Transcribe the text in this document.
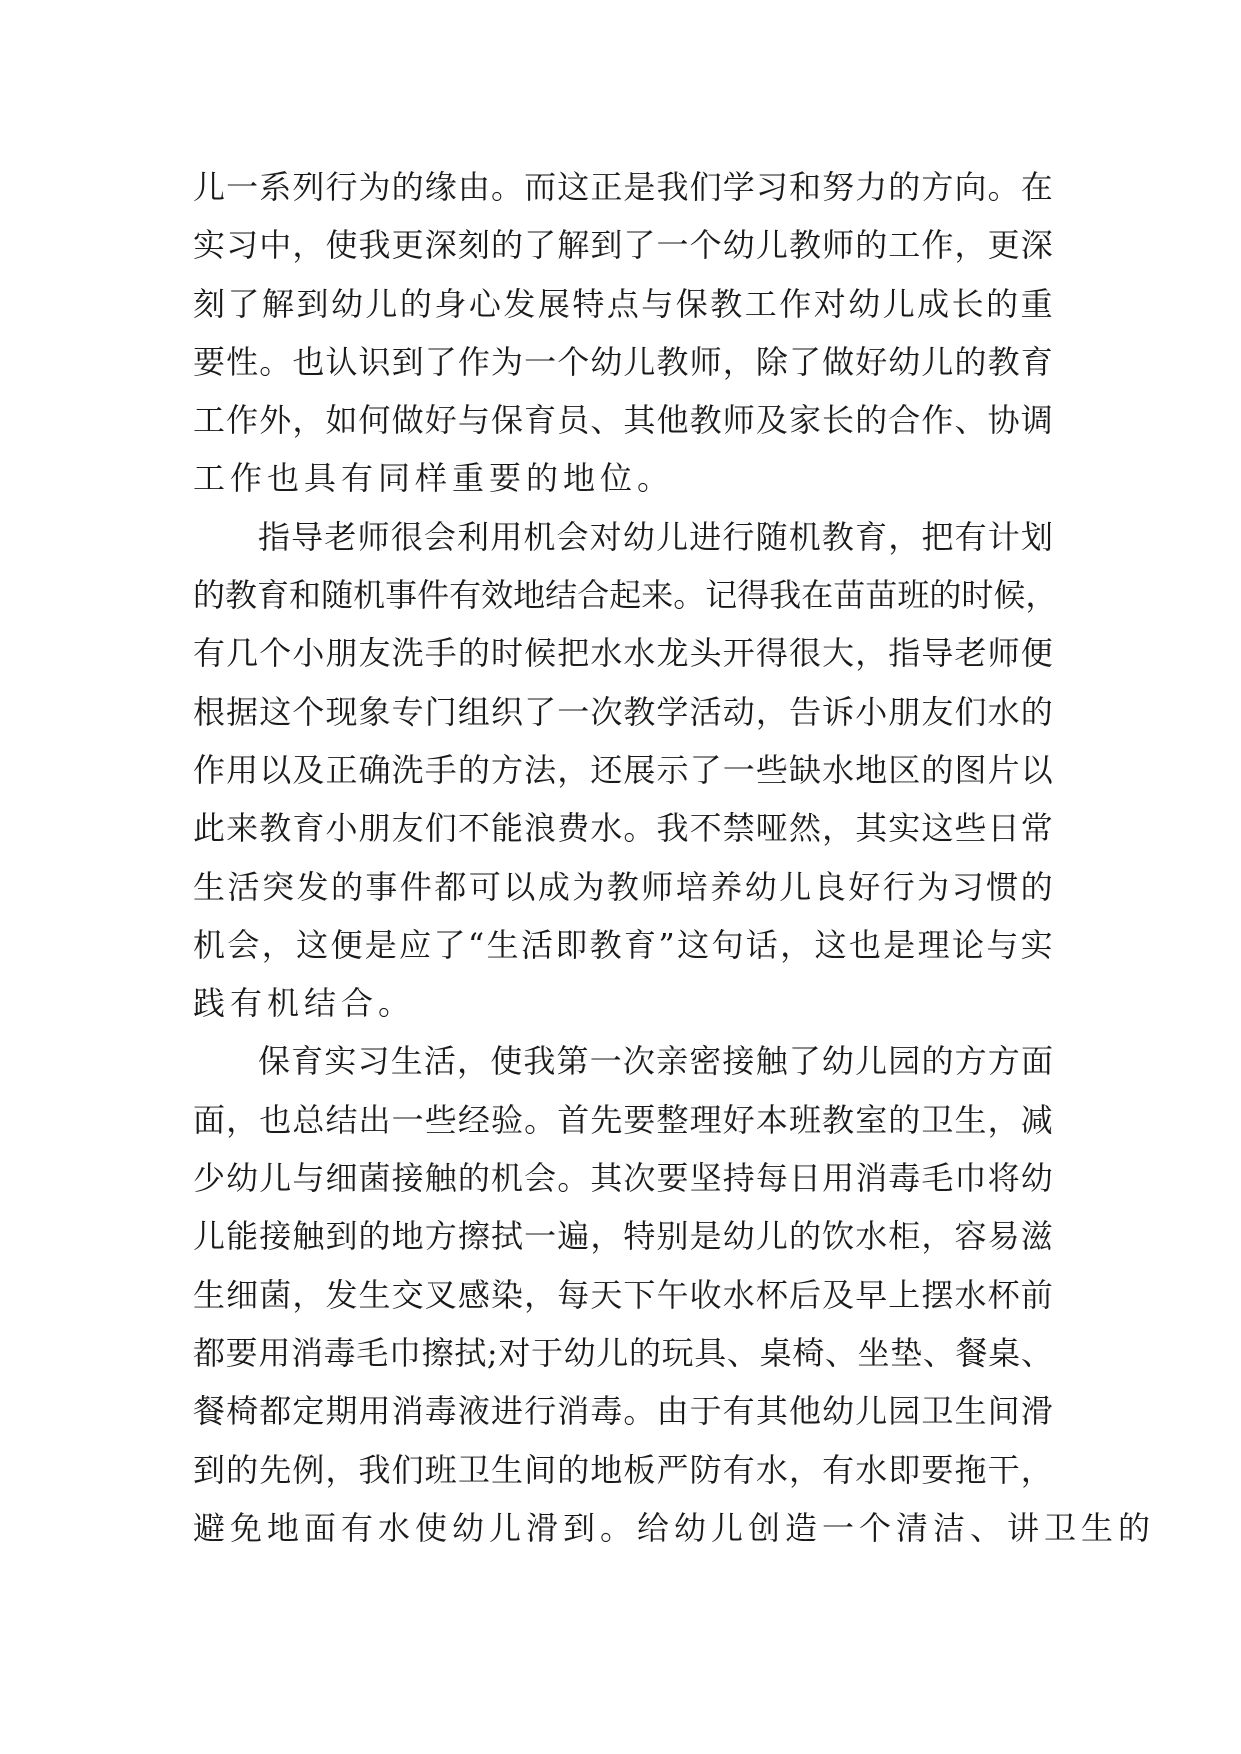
儿 一 系 列 行 为 的 缘 由 。 而 这 正 是 我 们 学 习 和 努 力 的 方 向 。 在
实 习 中 ， 使 我 更 深 刻 的 了 解 到 了 一 个 幼 儿 教 师 的 工 作 ， 更 深
刻 了 解 到 幼 儿 的 身 心 发 展 特 点 与 保 教 工 作 对 幼 儿 成 长 的 重
要 性 。 也 认 识 到 了 作 为 一 个 幼 儿 教 师 ， 除 了 做 好 幼 儿 的 教 育
工 作 外 ， 如 何 做 好 与 保 育 员 、 其 他 教 师 及 家 长 的 合 作 、 协 调
工作也具有同样重要的地位。
指 导 老 师 很 会 利 用 机 会 对 幼 儿 进 行 随 机 教 育 ， 把 有 计 划
的 教 育 和 随 机 事 件 有 效 地 结 合 起 来 。 记 得 我 在 苗 苗 班 的 时 候 ，
有 几 个 小 朋 友 洗 手 的 时 候 把 水 水 龙 头 开 得 很 大 ， 指 导 老 师 便
根 据 这 个 现 象 专 门 组 织 了 一 次 教 学 活 动 ， 告 诉 小 朋 友 们 水 的
作 用 以 及 正 确 洗 手 的 方 法 ， 还 展 示 了 一 些 缺 水 地 区 的 图 片 以
此 来 教 育 小 朋 友 们 不 能 浪 费 水 。 我 不 禁 哑 然 ， 其 实 这 些 日 常
生 活 突 发 的 事 件 都 可 以 成 为 教 师 培 养 幼 儿 良 好 行 为 习 惯 的
机 会 ， 这 便 是 应 了 “ 生 活 即 教 育 ” 这 句 话 ， 这 也 是 理 论 与 实
践有机结合。
保 育 实 习 生 活 ， 使 我 第 一 次 亲 密 接 触 了 幼 儿 园 的 方 方 面
面 ， 也 总 结 出 一 些 经 验 。 首 先 要 整 理 好 本 班 教 室 的 卫 生 ， 减
少 幼 儿 与 细 菌 接 触 的 机 会 。 其 次 要 坚 持 每 日 用 消 毒 毛 巾 将 幼
儿 能 接 触 到 的 地 方 擦 拭 一 遍 ， 特 别 是 幼 儿 的 饮 水 柜 ， 容 易 滋
生 细 菌 ， 发 生 交 叉 感 染 ， 每 天 下 午 收 水 杯 后 及 早 上 摆 水 杯 前
都 要 用 消 毒 毛 巾 擦 拭 ; 对 于 幼 儿 的 玩 具 、 桌 椅 、 坐 垫 、 餐 桌 、
餐 椅 都 定 期 用 消 毒 液 进 行 消 毒 。 由 于 有 其 他 幼 儿 园 卫 生 间 滑
到 的 先 例 ， 我 们 班 卫 生 间 的 地 板 严 防 有 水 ， 有 水 即 要 拖 干 ，
避免地面有水使幼儿滑到。给幼儿创造一个清洁、讲卫生的
